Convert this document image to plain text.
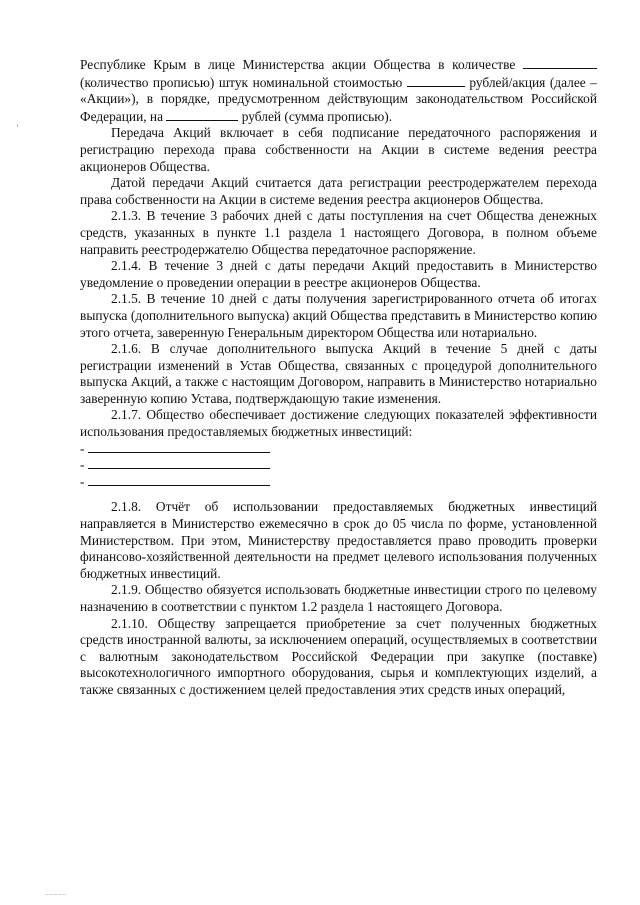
Республике Крым в лице Министерства акции Общества в количестве  (количество прописью) штук номинальной стоимостью	рублей/акция (далее – «Акции»), в порядке, предусмотренном действующим законодательством Российской Федерации, на	рублей (сумма прописью).

Передача Акций включает в себя подписание передаточного распоряжения и регистрацию перехода права собственности на Акции в системе ведения реестра акционеров Общества.

Датой передачи Акций считается дата регистрации реестродержателем перехода права собственности на Акции в системе ведения реестра акционеров Общества.

2.1.3. В течение 3 рабочих дней с даты поступления на счет Общества денежных средств, указанных в пункте 1.1 раздела 1 настоящего Договора, в полном объеме направить реестродержателю Общества передаточное распоряжение.

2.1.4. В течение 3 дней с даты передачи Акций предоставить в Министерство уведомление о проведении операции в реестре акционеров Общества.

2.1.5. В течение 10 дней с даты получения зарегистрированного отчета об итогах выпуска (дополнительного выпуска) акций Общества представить в Министерство копию этого отчета, заверенную Генеральным директором Общества или нотариально.

2.1.6. В случае дополнительного выпуска Акций в течение 5 дней с даты регистрации изменений в Устав Общества, связанных с процедурой дополнительного выпуска Акций, а также с настоящим Договором, направить в Министерство нотариально заверенную копию Устава, подтверждающую такие изменения.

2.1.7. Общество обеспечивает достижение следующих показателей эффективности использования предоставляемых бюджетных инвестиций:

-
-
-

2.1.8. Отчёт об использовании предоставляемых бюджетных инвестиций направляется в Министерство ежемесячно в срок до 05 числа по форме, установленной Министерством. При этом, Министерству предоставляется право проводить проверки финансово-хозяйственной деятельности на предмет целевого использования полученных бюджетных инвестиций.

2.1.9. Общество обязуется использовать бюджетные инвестиции строго по целевому назначению в соответствии с пунктом 1.2 раздела 1 настоящего Договора.

2.1.10. Обществу запрещается приобретение за счет полученных бюджетных средств иностранной валюты, за исключением операций, осуществляемых в соответствии с валютным законодательством Российской Федерации при закупке (поставке) высокотехнологичного импортного оборудования, сырья и комплектующих изделий, а также связанных с достижением целей предоставления этих средств иных операций,

_____
